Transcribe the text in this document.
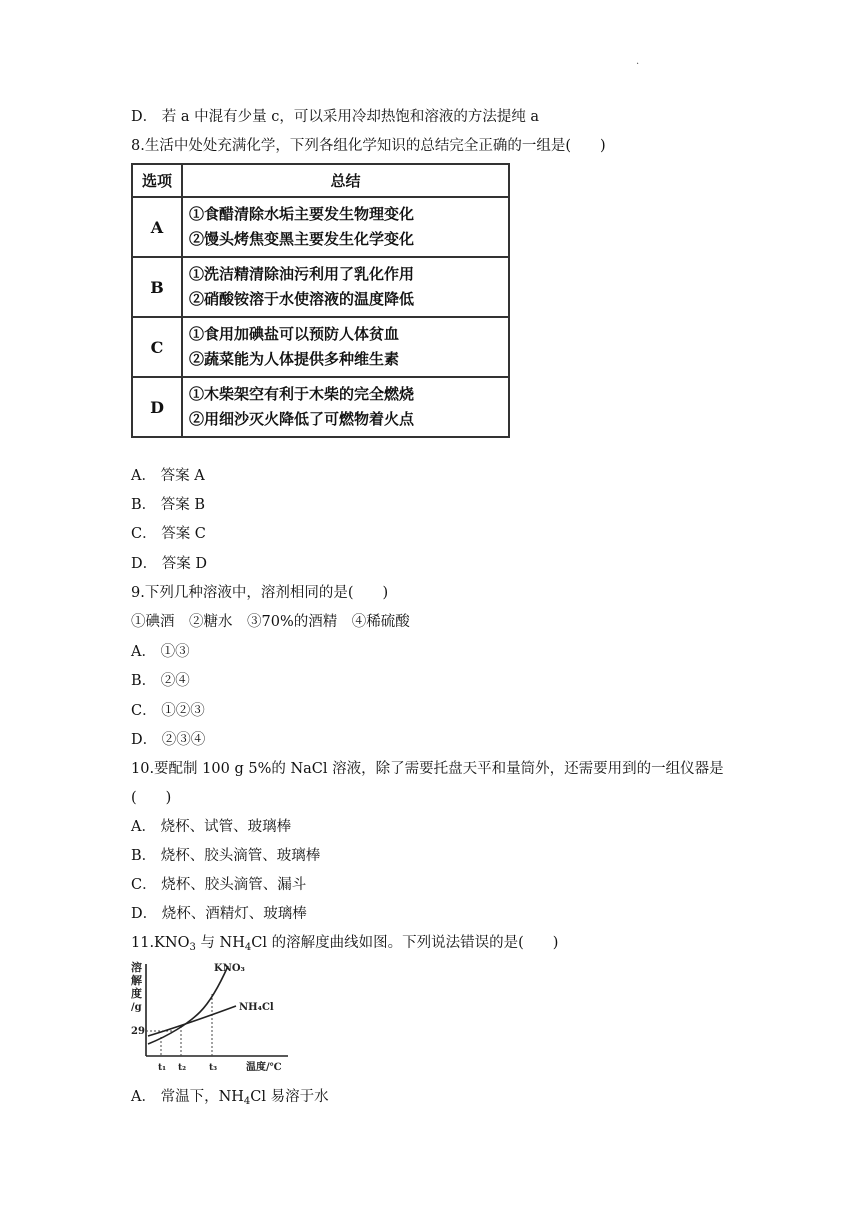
.
D． 若 a 中混有少量 c，可以采用冷却热饱和溶液的方法提纯 a
8.生活中处处充满化学，下列各组化学知识的总结完全正确的一组是(　　)
选项	总结
A	①食醋清除水垢主要发生物理变化
②馒头烤焦变黑主要发生化学变化
B	①洗洁精清除油污利用了乳化作用
②硝酸铵溶于水使溶液的温度降低
C	①食用加碘盐可以预防人体贫血
②蔬菜能为人体提供多种维生素
D	①木柴架空有利于木柴的完全燃烧
②用细沙灭火降低了可燃物着火点
A． 答案 A
B． 答案 B
C． 答案 C
D． 答案 D
9.下列几种溶液中，溶剂相同的是(　　)
①碘酒　②糖水　③70%的酒精　④稀硫酸
A． ①③
B． ②④
C． ①②③
D． ②③④
10.要配制 100 g 5%的 NaCl 溶液，除了需要托盘天平和量筒外，还需要用到的一组仪器是
(　　)
A． 烧杯、试管、玻璃棒
B． 烧杯、胶头滴管、玻璃棒
C． 烧杯、胶头滴管、漏斗
D． 烧杯、酒精灯、玻璃棒
$11.KNO_3$ 与 $NH_4Cl$ 的溶解度曲线如图。下列说法错误的是(　　)
溶
解
度
/g
29
KNO₃
NH₄Cl
t₁ t₂	t₃	温度/℃
A． 常温下，$NH_4Cl$ 易溶于水
